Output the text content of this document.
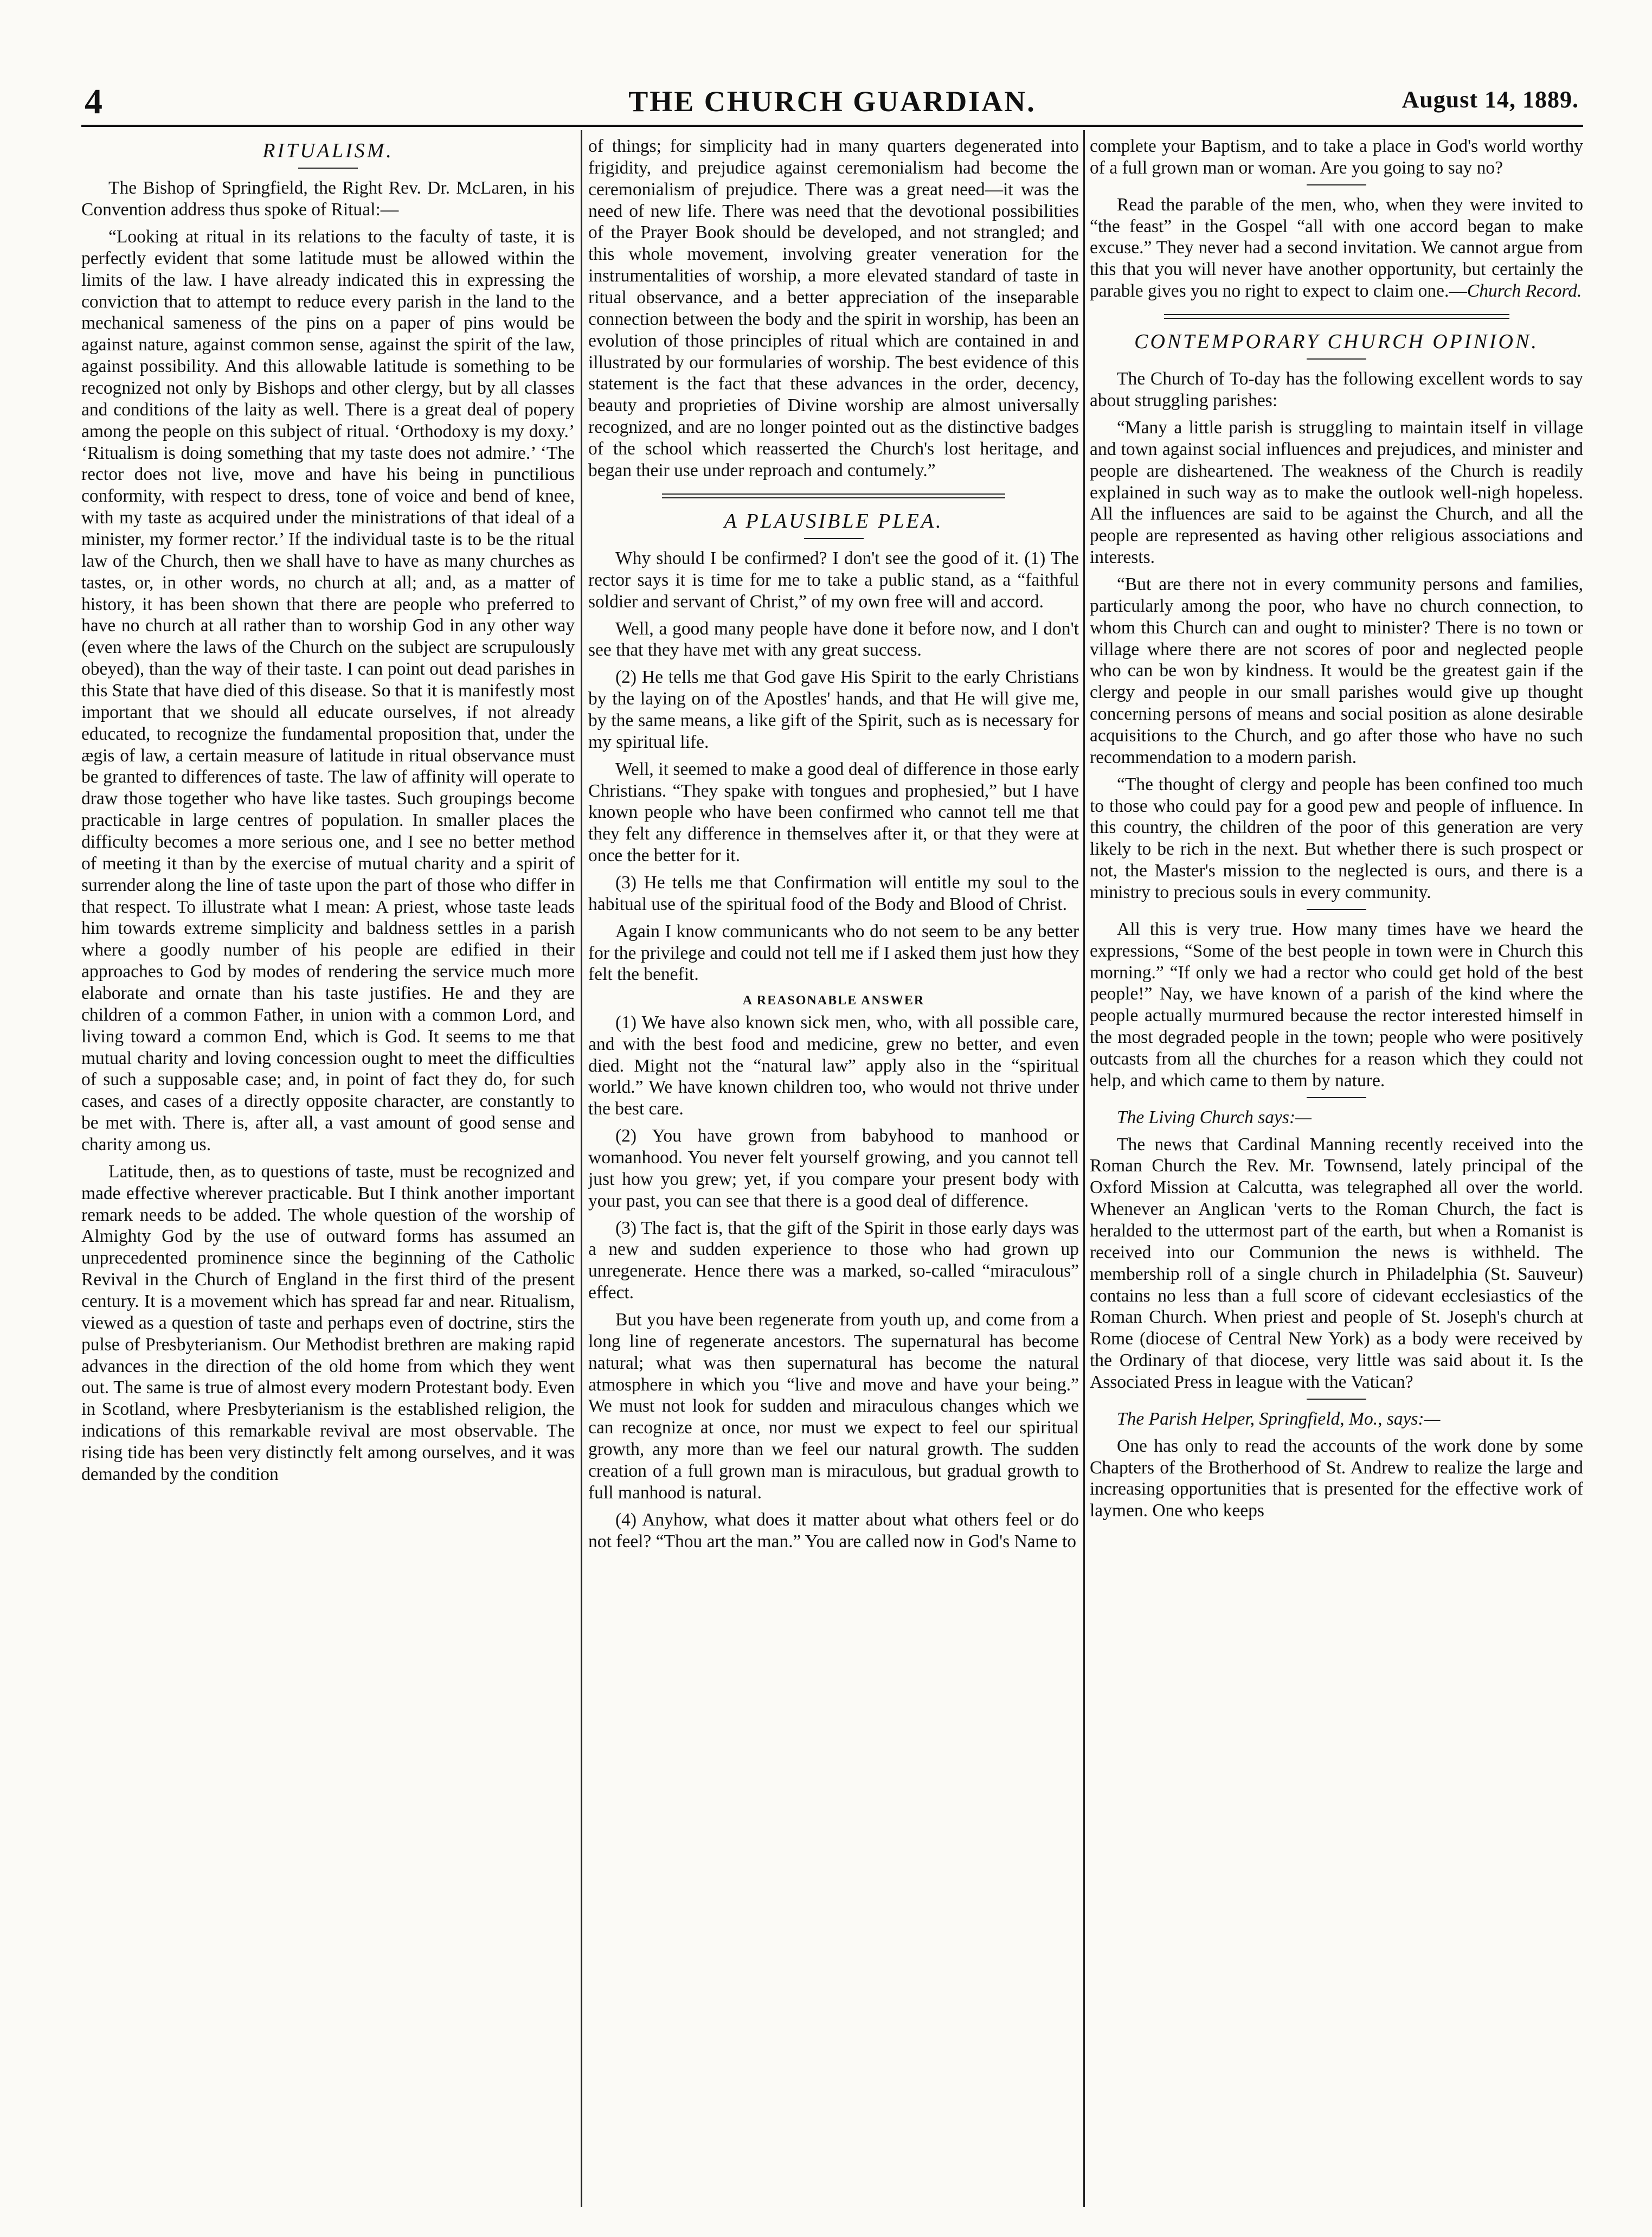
4	THE CHURCH GUARDIAN.	August 14, 1889.
RITUALISM.

The Bishop of Springfield, the Right Rev. Dr. McLaren, in his Convention address thus spoke of Ritual:—

“Looking at ritual in its relations to the faculty of taste, it is perfectly evident that some latitude must be allowed within the limits of the law. I have already indicated this in expressing the conviction that to attempt to reduce every parish in the land to the mechanical sameness of the pins on a paper of pins would be against nature, against common sense, against the spirit of the law, against possibility. And this allowable latitude is something to be recognized not only by Bishops and other clergy, but by all classes and conditions of the laity as well. There is a great deal of popery among the people on this subject of ritual. ‘Orthodoxy is my doxy.’ ‘Ritualism is doing something that my taste does not admire.’ ‘The rector does not live, move and have his being in punctilious conformity, with respect to dress, tone of voice and bend of knee, with my taste as acquired under the ministrations of that ideal of a minister, my former rector.’ If the individual taste is to be the ritual law of the Church, then we shall have to have as many churches as tastes, or, in other words, no church at all; and, as a matter of history, it has been shown that there are people who preferred to have no church at all rather than to worship God in any other way (even where the laws of the Church on the subject are scrupulously obeyed), than the way of their taste. I can point out dead parishes in this State that have died of this disease. So that it is manifestly most important that we should all educate ourselves, if not already educated, to recognize the fundamental proposition that, under the ægis of law, a certain measure of latitude in ritual observance must be granted to differences of taste. The law of affinity will operate to draw those together who have like tastes. Such groupings become practicable in large centres of population. In smaller places the difficulty becomes a more serious one, and I see no better method of meeting it than by the exercise of mutual charity and a spirit of surrender along the line of taste upon the part of those who differ in that respect. To illustrate what I mean: A priest, whose taste leads him towards extreme simplicity and baldness settles in a parish where a goodly number of his people are edified in their approaches to God by modes of rendering the service much more elaborate and ornate than his taste justifies. He and they are children of a common Father, in union with a common Lord, and living toward a common End, which is God. It seems to me that mutual charity and loving concession ought to meet the difficulties of such a supposable case; and, in point of fact they do, for such cases, and cases of a directly opposite character, are constantly to be met with. There is, after all, a vast amount of good sense and charity among us.

Latitude, then, as to questions of taste, must be recognized and made effective wherever practicable. But I think another important remark needs to be added. The whole question of the worship of Almighty God by the use of outward forms has assumed an unprecedented prominence since the beginning of the Catholic Revival in the Church of England in the first third of the present century. It is a movement which has spread far and near. Ritualism, viewed as a question of taste and perhaps even of doctrine, stirs the pulse of Presbyterianism. Our Methodist brethren are making rapid advances in the direction of the old home from which they went out. The same is true of almost every modern Protestant body. Even in Scotland, where Presbyterianism is the established religion, the indications of this remarkable revival are most observable. The rising tide has been very distinctly felt among ourselves, and it was demanded by the condition

of things; for simplicity had in many quarters degenerated into frigidity, and prejudice against ceremonialism had become the ceremonialism of prejudice. There was a great need—it was the need of new life. There was need that the devotional possibilities of the Prayer Book should be developed, and not strangled; and this whole movement, involving greater veneration for the instrumentalities of worship, a more elevated standard of taste in ritual observance, and a better appreciation of the inseparable connection between the body and the spirit in worship, has been an evolution of those principles of ritual which are contained in and illustrated by our formularies of worship. The best evidence of this statement is the fact that these advances in the order, decency, beauty and proprieties of Divine worship are almost universally recognized, and are no longer pointed out as the distinctive badges of the school which reasserted the Church's lost heritage, and began their use under reproach and contumely.”

A PLAUSIBLE PLEA.

Why should I be confirmed? I don't see the good of it. (1) The rector says it is time for me to take a public stand, as a “faithful soldier and servant of Christ,” of my own free will and accord.

Well, a good many people have done it before now, and I don't see that they have met with any great success.

(2) He tells me that God gave His Spirit to the early Christians by the laying on of the Apostles' hands, and that He will give me, by the same means, a like gift of the Spirit, such as is necessary for my spiritual life.

Well, it seemed to make a good deal of difference in those early Christians. “They spake with tongues and prophesied,” but I have known people who have been confirmed who cannot tell me that they felt any difference in themselves after it, or that they were at once the better for it.

(3) He tells me that Confirmation will entitle my soul to the habitual use of the spiritual food of the Body and Blood of Christ.

Again I know communicants who do not seem to be any better for the privilege and could not tell me if I asked them just how they felt the benefit.

A REASONABLE ANSWER

(1) We have also known sick men, who, with all possible care, and with the best food and medicine, grew no better, and even died. Might not the “natural law” apply also in the “spiritual world.” We have known children too, who would not thrive under the best care.

(2) You have grown from babyhood to manhood or womanhood. You never felt yourself growing, and you cannot tell just how you grew; yet, if you compare your present body with your past, you can see that there is a good deal of difference.

(3) The fact is, that the gift of the Spirit in those early days was a new and sudden experience to those who had grown up unregenerate. Hence there was a marked, so-called “miraculous” effect.

But you have been regenerate from youth up, and come from a long line of regenerate ancestors. The supernatural has become natural; what was then supernatural has become the natural atmosphere in which you “live and move and have your being.” We must not look for sudden and miraculous changes which we can recognize at once, nor must we expect to feel our spiritual growth, any more than we feel our natural growth. The sudden creation of a full grown man is miraculous, but gradual growth to full manhood is natural.

(4) Anyhow, what does it matter about what others feel or do not feel? “Thou art the man.” You are called now in God's Name to

complete your Baptism, and to take a place in God's world worthy of a full grown man or woman. Are you going to say no?

Read the parable of the men, who, when they were invited to “the feast” in the Gospel “all with one accord began to make excuse.” They never had a second invitation. We cannot argue from this that you will never have another opportunity, but certainly the parable gives you no right to expect to claim one.—Church Record.

CONTEMPORARY CHURCH OPINION.

The Church of To-day has the following excellent words to say about struggling parishes:

“Many a little parish is struggling to maintain itself in village and town against social influences and prejudices, and minister and people are disheartened. The weakness of the Church is readily explained in such way as to make the outlook well-nigh hopeless. All the influences are said to be against the Church, and all the people are represented as having other religious associations and interests.

“But are there not in every community persons and families, particularly among the poor, who have no church connection, to whom this Church can and ought to minister? There is no town or village where there are not scores of poor and neglected people who can be won by kindness. It would be the greatest gain if the clergy and people in our small parishes would give up thought concerning persons of means and social position as alone desirable acquisitions to the Church, and go after those who have no such recommendation to a modern parish.

“The thought of clergy and people has been confined too much to those who could pay for a good pew and people of influence. In this country, the children of the poor of this generation are very likely to be rich in the next. But whether there is such prospect or not, the Master's mission to the neglected is ours, and there is a ministry to precious souls in every community.

All this is very true. How many times have we heard the expressions, “Some of the best people in town were in Church this morning.” “If only we had a rector who could get hold of the best people!” Nay, we have known of a parish of the kind where the people actually murmured because the rector interested himself in the most degraded people in the town; people who were positively outcasts from all the churches for a reason which they could not help, and which came to them by nature.

The Living Church says:—

The news that Cardinal Manning recently received into the Roman Church the Rev. Mr. Townsend, lately principal of the Oxford Mission at Calcutta, was telegraphed all over the world. Whenever an Anglican 'verts to the Roman Church, the fact is heralded to the uttermost part of the earth, but when a Romanist is received into our Communion the news is withheld. The membership roll of a single church in Philadelphia (St. Sauveur) contains no less than a full score of cidevant ecclesiastics of the Roman Church. When priest and people of St. Joseph's church at Rome (diocese of Central New York) as a body were received by the Ordinary of that diocese, very little was said about it. Is the Associated Press in league with the Vatican?

The Parish Helper, Springfield, Mo., says:—

One has only to read the accounts of the work done by some Chapters of the Brotherhood of St. Andrew to realize the large and increasing opportunities that is presented for the effective work of laymen. One who keeps
